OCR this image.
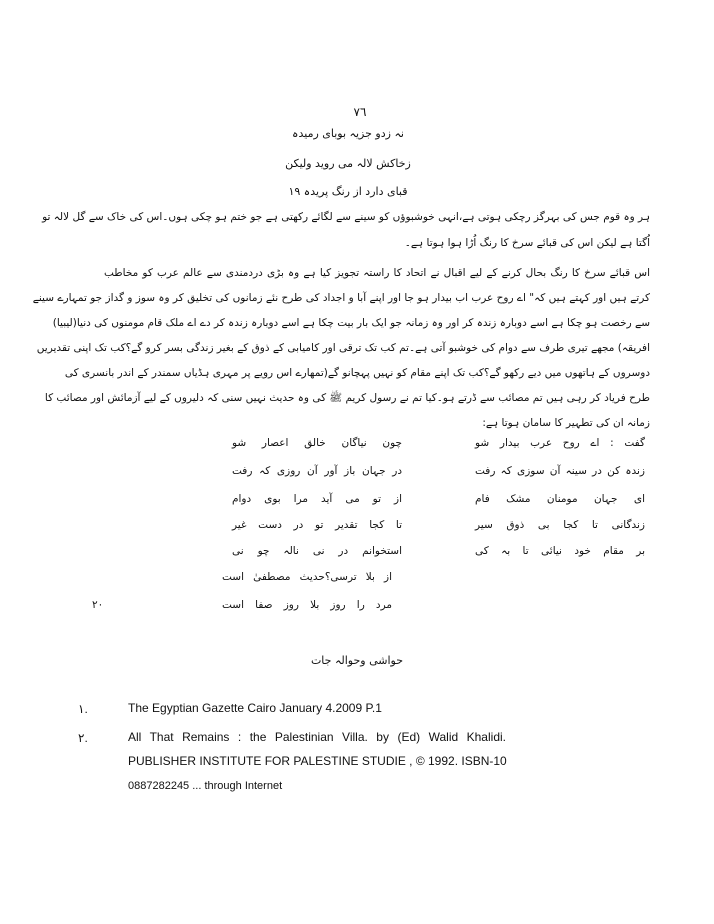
۷٦
نہ زدو جزیہ بوبای رمیدہ
زخاکش لالہ می روید ولیکن
قبای دارد از رنگ پریدہ ۱۹
ہر وہ قوم جس کی بہرگز رچکی ہوتی ہے،انہی خوشبوؤں کو سینے سے لگائے رکھتی ہے جو ختم ہو چکی ہوں۔اس کی خاک سے گل لالہ تو
اُگتا ہے لیکن اس کی قبائے سرخ کا رنگ اُڑا ہوا ہوتا ہے۔
اس قبائے سرخ کا رنگ بحال کرنے کے لیے اقبال نے اتحاد کا راستہ تجویز کیا ہے وہ بڑی دردمندی سے عالم عرب کو مخاطب
کرتے ہیں اور کہتے ہیں کہ" اے روح عرب اب بیدار ہو جا اور اپنے آبا و اجداد کی طرح نئے زمانوں کی تخلیق کر وہ سوز و گداز جو تمہارے سینے
سے رخصت ہو چکا ہے اسے دوبارہ زندہ کر اور وہ زمانہ جو ایک بار بیت چکا ہے اسے دوبارہ زندہ کر دے اے ملک قام مومنوں کی دنیا(لیبیا)
افریقہ) مجھے تیری طرف سے دوام کی خوشبو آتی ہے۔تم کب تک ترقی اور کامیابی کے ذوق کے بغیر زندگی بسر کرو گے؟کب تک اپنی تقدیریں
دوسروں کے ہاتھوں میں دیے رکھو گے؟کب تک اپنے مقام کو نہیں پہچانو گے(تمھارے اس رویے پر مہری ہڈیاں سمندر کے اندر بانسری کی
طرح فریاد کر رہی ہیں تم مصائب سے ڈرتے ہو۔کیا تم نے رسول کریم ﷺ کی وہ حدیث نہیں سنی کہ دلیروں کے لیے آزمائش اور مصائب کا
زمانہ ان کی تطہیر کا سامان ہوتا ہے:
گفت : اے روح عرب بیدار شو
چون نیاگان خالق اعصار شو
زندہ کن در سینہ آن سوزی کہ رفت
در جہان باز آور آن روزی کہ رفت
ای جہان مومنان مشک فام
از تو می آید مرا بوی دوام
زندگانی تا کجا بی ذوق سیر
تا کجا تقدیر تو در دست غیر
بر مقام خود نیائی تا بہ کی
استخوانم در نی نالہ چو نی
از بلا ترسی؟حدیث مصطفیٰ است
مرد را روز بلا روز صفا است
۲۰
حواشی وحوالہ جات
۱.	The Egyptian Gazette Cairo January 4.2009 P.1
۲.	All That Remains : the Palestinian Villa. by (Ed) Walid Khalidi.
PUBLISHER INSTITUTE FOR PALESTINE STUDIE , © 1992. ISBN-10
0887282245 ... through Internet
